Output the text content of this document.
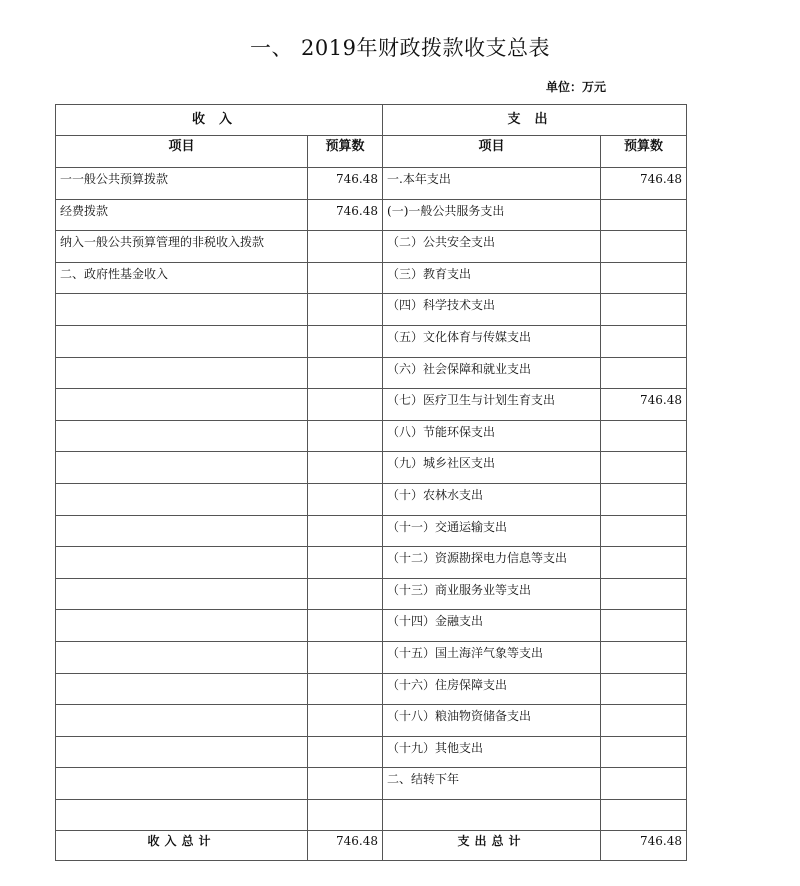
一、 2019年财政拨款收支总表
单位：万元
收入		支出	
项目	预算数	项目	预算数
一一般公共预算拨款	746.48	一.本年支出	746.48
经费拨款	746.48	(一)一般公共服务支出	
纳入一般公共预算管理的非税收入拨款		（二）公共安全支出	
二、政府性基金收入		（三）教育支出	
		（四）科学技术支出	
		（五）文化体育与传媒支出	
		（六）社会保障和就业支出	
		（七）医疗卫生与计划生育支出	746.48
		（八）节能环保支出	
		（九）城乡社区支出	
		（十）农林水支出	
		（十一）交通运输支出	
		（十二）资源勘探电力信息等支出	
		（十三）商业服务业等支出	
		（十四）金融支出	
		（十五）国土海洋气象等支出	
		（十六）住房保障支出	
		（十八）粮油物资储备支出	
		（十九）其他支出	
		二、结转下年	

收入总计	746.48	支出总计	746.48
